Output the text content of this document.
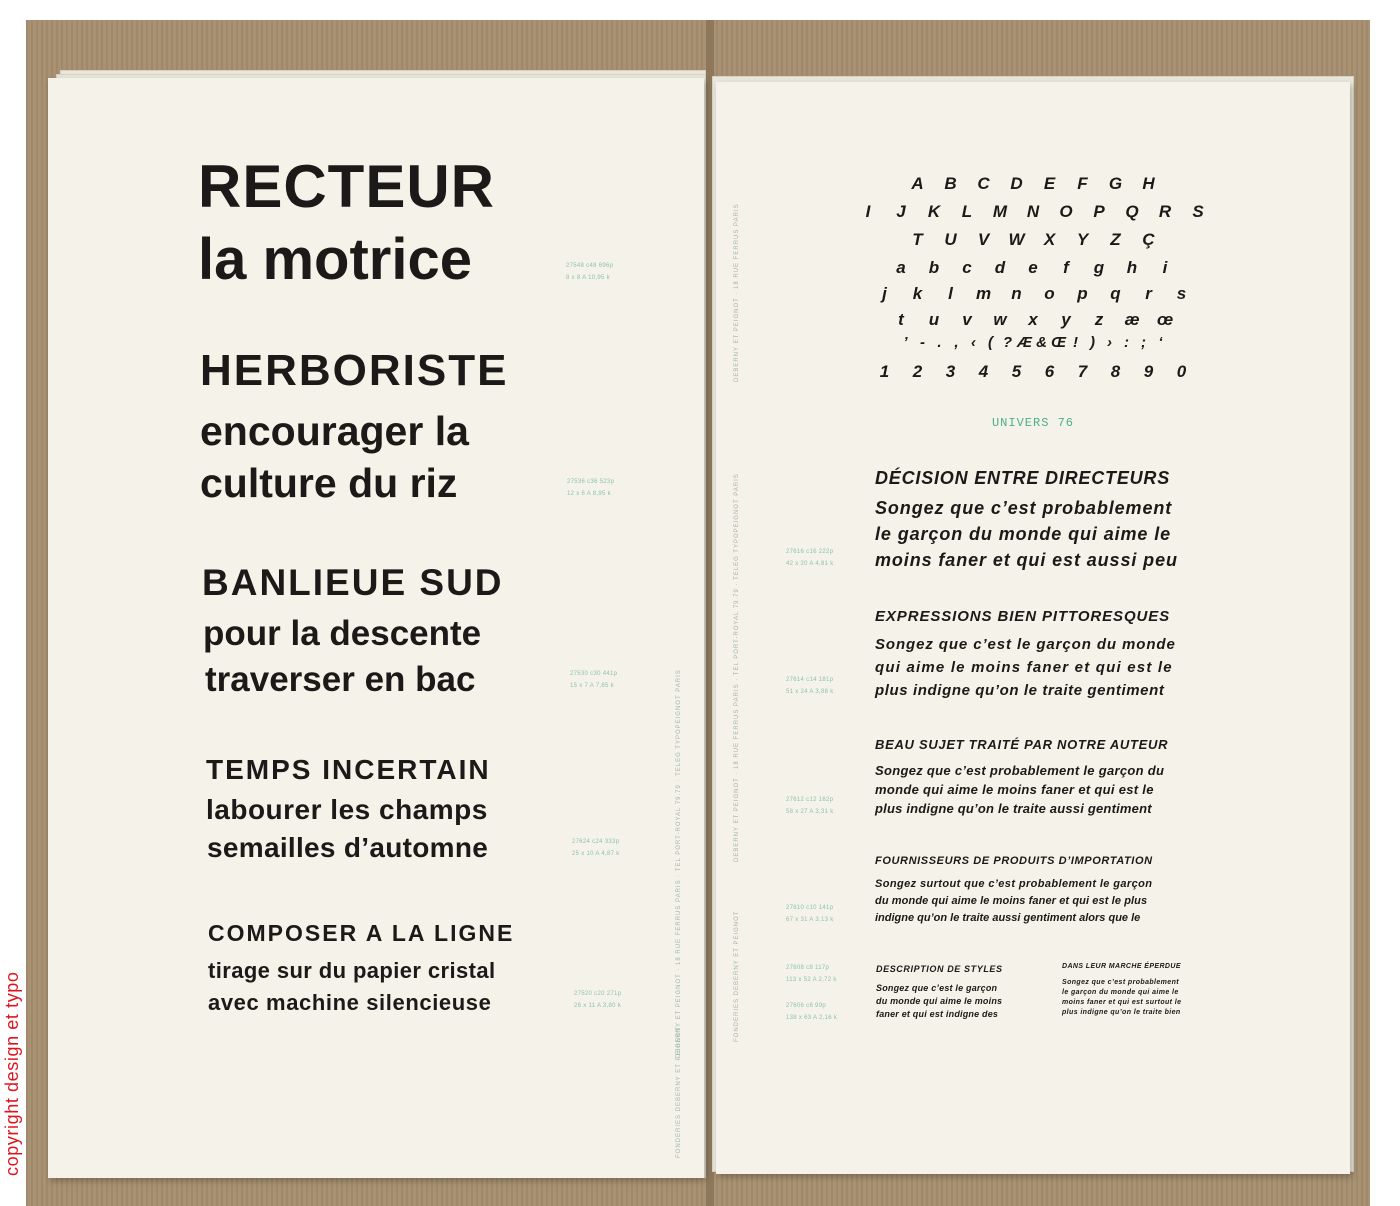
DEBERNY ET PEIGNOT · 18 RUE FERRUS PARIS · TEL PORT-ROYAL 79.79 · TELEG TYPOPEIGNOT PARIS
FONDERIES DEBERNY ET PEIGNOT
RECTEUR
la motrice	27548 c48 696p
8 x 8 A 10,95 k
HERBORISTE
encourager la
culture du riz	27536 c36 523p
12 x 6 A 8,95 k
BANLIEUE SUD
pour la descente
traverser en bac	27530 c30 441p
15 x 7 A 7,65 k
TEMPS INCERTAIN
labourer les champs
semailles d’automne	27624 c24 333p
25 x 10 A 4,87 k
COMPOSER A LA LIGNE
tirage sur du papier cristal
avec machine silencieuse	27520 c20 271p
26 x 11 A 3,80 k
DEBERNY ET PEIGNOT · 18 RUE FERRUS PARIS
DEBERNY ET PEIGNOT · 18 RUE FERRUS PARIS · TEL PORT-ROYAL 79.79 · TELEG TYPOPEIGNOT PARIS
FONDERIES DEBERNY ET PEIGNOT
A B C D E F G H
I J K L M N O P Q R S
T U V W X Y Z Ç
a b c d e f g h i
j k l m n o p q r s
t u v w x y z æ œ
’ - . , ‹ ( ? Æ & Œ ! ) › : ; ‘
1 2 3 4 5 6 7 8 9 0
UNIVERS 76
DÉCISION ENTRE DIRECTEURS
Songez que c’est probablement
le garçon du monde qui aime le
moins faner et qui est aussi peu
27616 c16 222p
42 x 20 A 4,81 k
EXPRESSIONS BIEN PITTORESQUES
Songez que c’est le garçon du monde
qui aime le moins faner et qui est le
plus indigne qu’on le traite gentiment
27614 c14 181p
51 x 24 A 3,88 k
BEAU SUJET TRAITÉ PAR NOTRE AUTEUR
Songez que c’est probablement le garçon du
monde qui aime le moins faner et qui est le
plus indigne qu’on le traite aussi gentiment
27612 c12 162p
58 x 27 A 3,31 k
FOURNISSEURS DE PRODUITS D’IMPORTATION
Songez surtout que c’est probablement le garçon
du monde qui aime le moins faner et qui est le plus
indigne qu’on le traite aussi gentiment alors que le
27610 c10 141p
67 x 31 A 3,13 k
27608 c8 117p
113 x 52 A 2,72 k
27606 c6 99p
138 x 63 A 2,16 k
DESCRIPTION DE STYLES
Songez que c’est le garçon
du monde qui aime le moins
faner et qui est indigne des
DANS LEUR MARCHE ÉPERDUE
Songez que c’est probablement
le garçon du monde qui aime le
moins faner et qui est surtout le
plus indigne qu’on le traite bien
copyright design et typo
